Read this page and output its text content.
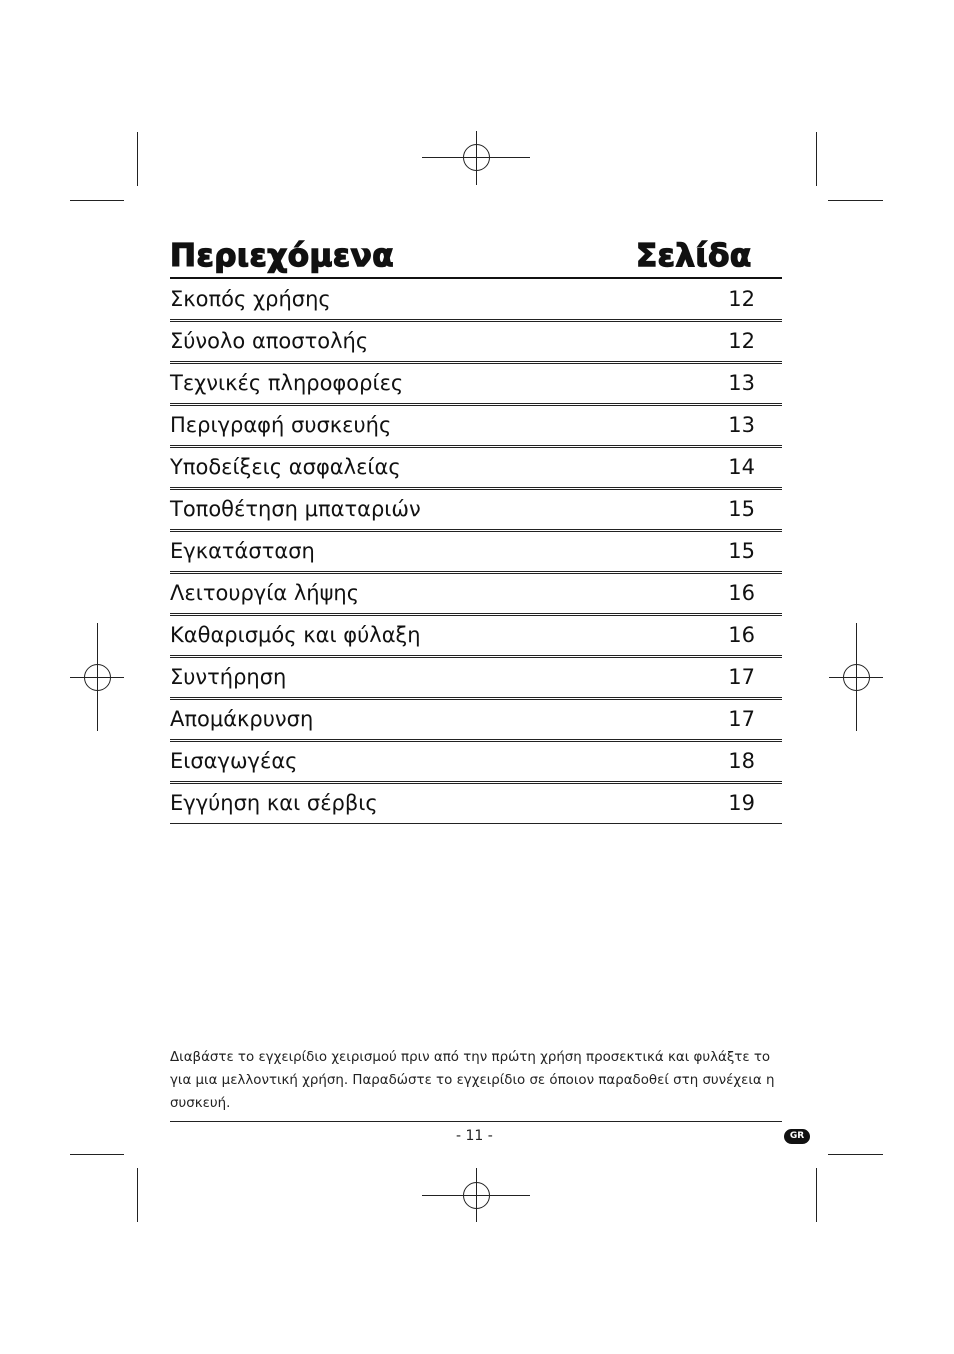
Περιεχόμενα	Σελίδα
Σκοπός χρήσης	12
Σύνολο αποστολής	12
Τεχνικές πληροφορίες	13
Περιγραφή συσκευής	13
Υποδείξεις ασφαλείας	14
Τοποθέτηση μπαταριών	15
Εγκατάσταση	15
Λειτουργία λήψης	16
Καθαρισμός και φύλαξη	16
Συντήρηση	17
Απομάκρυνση	17
Εισαγωγέας	18
Εγγύηση και σέρβις	19
Διαβάστε το εγχειρίδιο χειρισμού πριν από την πρώτη χρήση προσεκτικά και φυλάξτε το για μια μελλοντική χρήση. Παραδώστε το εγχειρίδιο σε όποιον παραδοθεί στη συνέχεια η συσκευή.
- 11 -	GR
